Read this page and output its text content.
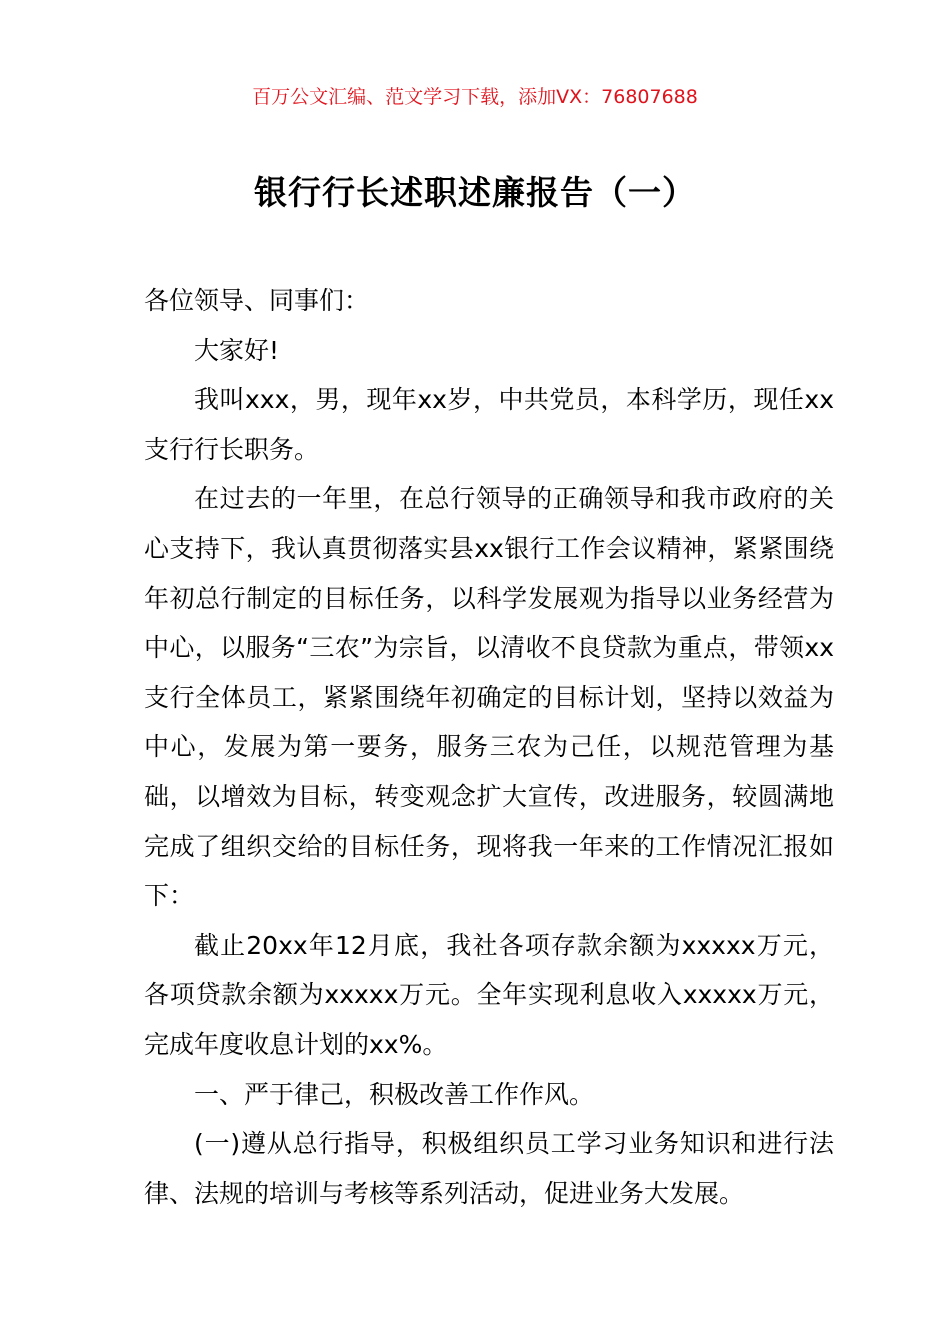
百万公文汇编、范文学习下载，添加VX：76807688
银行行长述职述廉报告（一）

各位领导、同事们：

大家好!

我叫xxx，男，现年xx岁，中共党员，本科学历，现任xx支行行长职务。

在过去的一年里，在总行领导的正确领导和我市政府的关心支持下，我认真贯彻落实县xx银行工作会议精神，紧紧围绕年初总行制定的目标任务，以科学发展观为指导以业务经营为中心，以服务“三农”为宗旨，以清收不良贷款为重点，带领xx支行全体员工，紧紧围绕年初确定的目标计划，坚持以效益为中心，发展为第一要务，服务三农为己任，以规范管理为基础，以增效为目标，转变观念扩大宣传，改进服务，较圆满地完成了组织交给的目标任务，现将我一年来的工作情况汇报如下：

截止20xx年12月底，我社各项存款余额为xxxxx万元，各项贷款余额为xxxxx万元。全年实现利息收入xxxxx万元，完成年度收息计划的xx%。

一、严于律己，积极改善工作作风。

(一)遵从总行指导，积极组织员工学习业务知识和进行法律、法规的培训与考核等系列活动，促进业务大发展。
